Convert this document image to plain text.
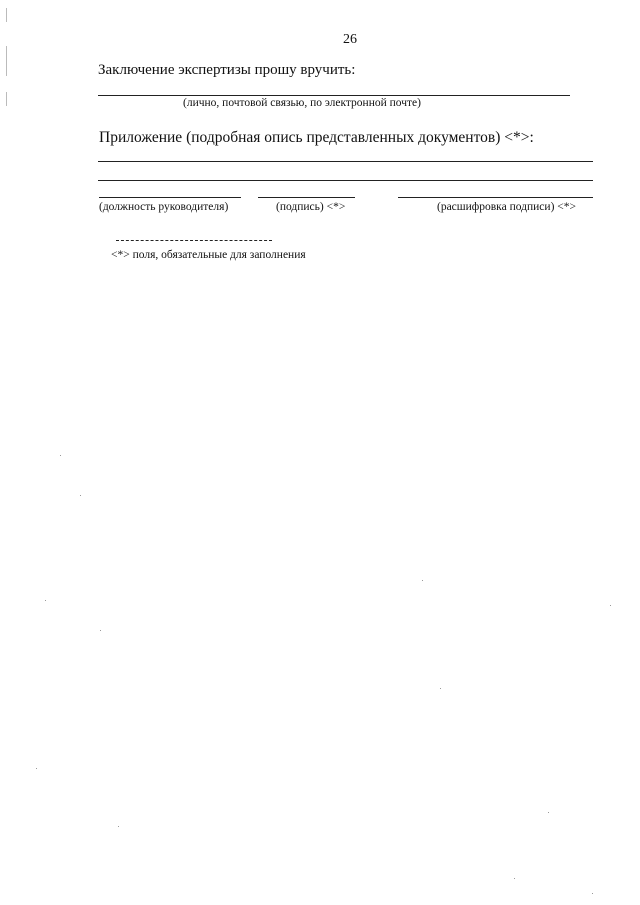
26
Заключение экспертизы прошу вручить:
(лично, почтовой связью, по электронной почте)
Приложение (подробная опись представленных документов) <*>:
(должность руководителя)	(подпись) <*>	(расшифровка подписи) <*>
<*> поля, обязательные для заполнения
